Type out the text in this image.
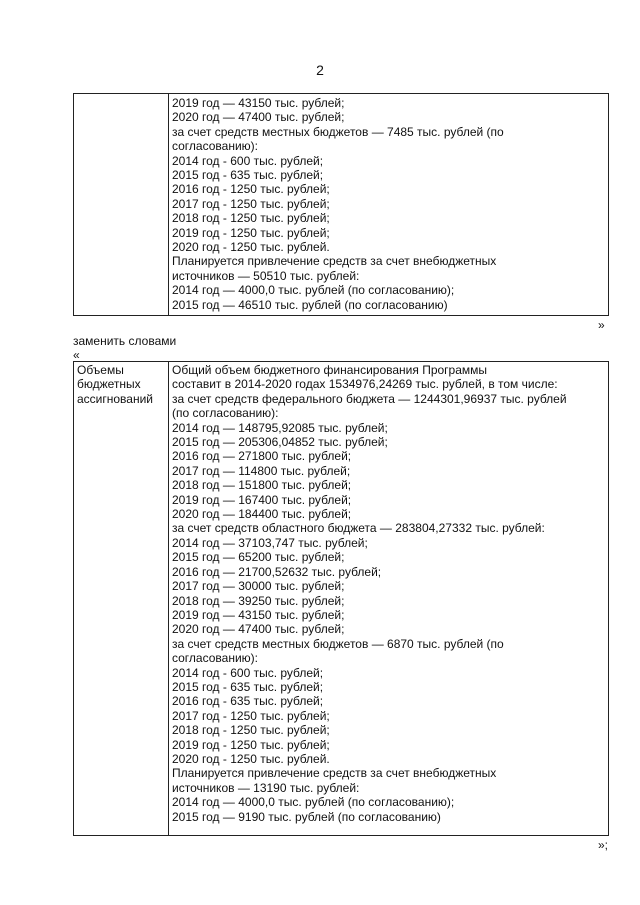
2
2019 год — 43150 тыс. рублей;
2020 год — 47400 тыс. рублей;
за счет средств местных бюджетов — 7485 тыс. рублей (по
согласованию):
2014 год - 600 тыс. рублей;
2015 год - 635 тыс. рублей;
2016 год - 1250 тыс. рублей;
2017 год - 1250 тыс. рублей;
2018 год - 1250 тыс. рублей;
2019 год - 1250 тыс. рублей;
2020 год - 1250 тыс. рублей.
Планируется привлечение средств за счет внебюджетных
источников — 50510 тыс. рублей:
2014 год — 4000,0 тыс. рублей (по согласованию);
2015 год — 46510 тыс. рублей (по согласованию)
»
заменить словами
«
Объемы
бюджетных
ассигнований
Общий объем бюджетного финансирования Программы
составит в 2014-2020 годах 1534976,24269 тыс. рублей, в том числе:
за счет средств федерального бюджета — 1244301,96937 тыс. рублей
(по согласованию):
2014 год — 148795,92085 тыс. рублей;
2015 год — 205306,04852 тыс. рублей;
2016 год — 271800 тыс. рублей;
2017 год — 114800 тыс. рублей;
2018 год — 151800 тыс. рублей;
2019 год — 167400 тыс. рублей;
2020 год — 184400 тыс. рублей;
за счет средств областного бюджета — 283804,27332 тыс. рублей:
2014 год — 37103,747 тыс. рублей;
2015 год — 65200 тыс. рублей;
2016 год — 21700,52632 тыс. рублей;
2017 год — 30000 тыс. рублей;
2018 год — 39250 тыс. рублей;
2019 год — 43150 тыс. рублей;
2020 год — 47400 тыс. рублей;
за счет средств местных бюджетов — 6870 тыс. рублей (по
согласованию):
2014 год - 600 тыс. рублей;
2015 год - 635 тыс. рублей;
2016 год - 635 тыс. рублей;
2017 год - 1250 тыс. рублей;
2018 год - 1250 тыс. рублей;
2019 год - 1250 тыс. рублей;
2020 год - 1250 тыс. рублей.
Планируется привлечение средств за счет внебюджетных
источников — 13190 тыс. рублей:
2014 год — 4000,0 тыс. рублей (по согласованию);
2015 год — 9190 тыс. рублей (по согласованию)
»;
